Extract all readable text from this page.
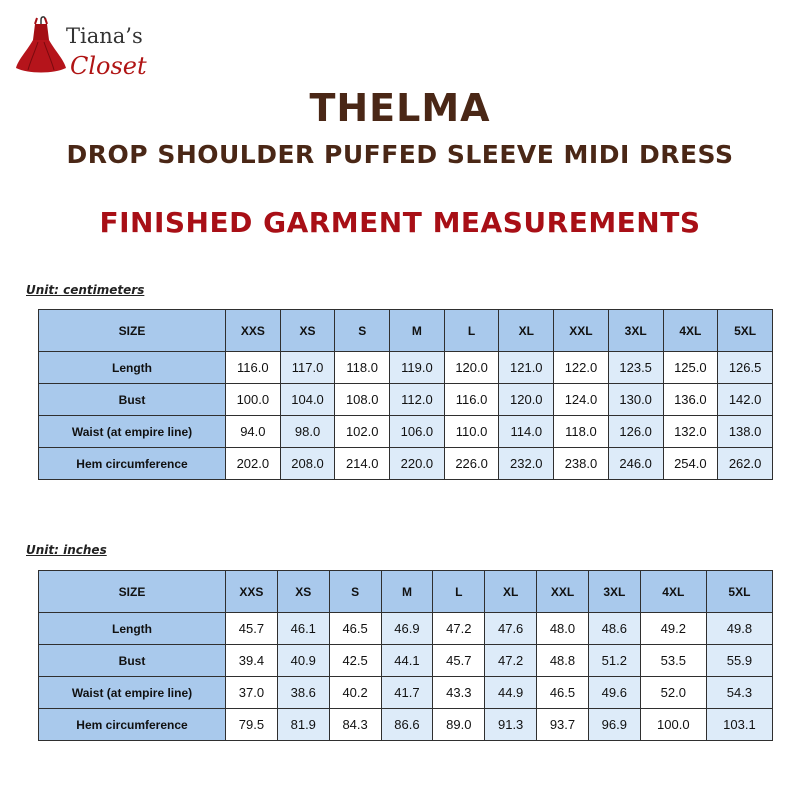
Tiana’s
Closet
THELMA
DROP SHOULDER PUFFED SLEEVE MIDI DRESS
FINISHED GARMENT MEASUREMENTS
Unit: centimeters
SIZE	XXS	XS	S	M	L	XL	XXL	3XL	4XL	5XL
Length	116.0	117.0	118.0	119.0	120.0	121.0	122.0	123.5	125.0	126.5
Bust	100.0	104.0	108.0	112.0	116.0	120.0	124.0	130.0	136.0	142.0
Waist (at empire line)	94.0	98.0	102.0	106.0	110.0	114.0	118.0	126.0	132.0	138.0
Hem circumference	202.0	208.0	214.0	220.0	226.0	232.0	238.0	246.0	254.0	262.0
Unit: inches
SIZE	XXS	XS	S	M	L	XL	XXL	3XL	4XL	5XL
Length	45.7	46.1	46.5	46.9	47.2	47.6	48.0	48.6	49.2	49.8
Bust	39.4	40.9	42.5	44.1	45.7	47.2	48.8	51.2	53.5	55.9
Waist (at empire line)	37.0	38.6	40.2	41.7	43.3	44.9	46.5	49.6	52.0	54.3
Hem circumference	79.5	81.9	84.3	86.6	89.0	91.3	93.7	96.9	100.0	103.1
